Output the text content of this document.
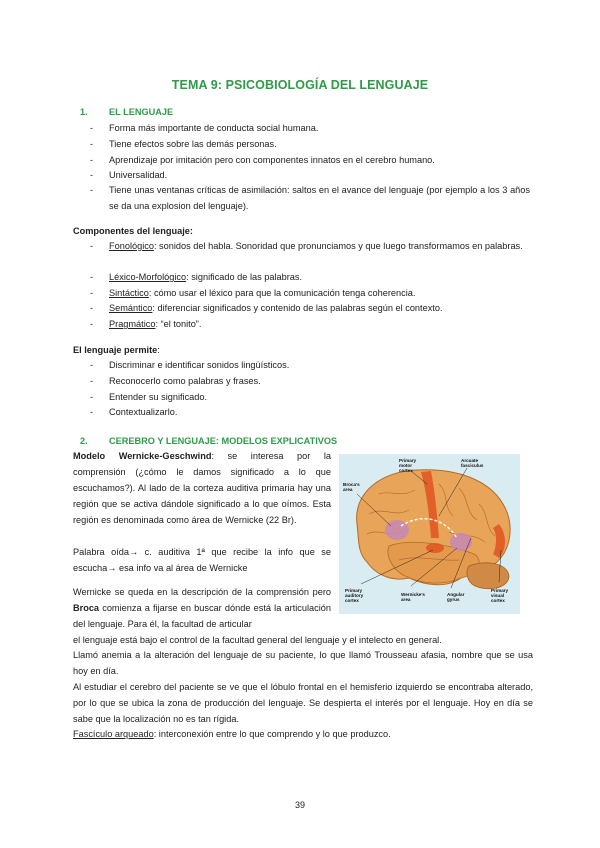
TEMA 9: PSICOBIOLOGÍA DEL LENGUAJE
1. EL LENGUAJE
- Forma más importante de conducta social humana.
- Tiene efectos sobre las demás personas.
- Aprendizaje por imitación pero con componentes innatos en el cerebro humano.
- Universalidad.
- Tiene unas ventanas críticas de asimilación: saltos en el avance del lenguaje (por ejemplo a los 3 años se da una explosion del lenguaje).
Componentes del lenguaje:
- Fonológico: sonidos del habla. Sonoridad que pronunciamos y que luego transformamos en palabras.
- Léxico-Morfológico: significado de las palabras.
- Sintáctico: cómo usar el léxico para que la comunicación tenga coherencia.
- Semántico: diferenciar significados y contenido de las palabras según el contexto.
- Pragmático: “el tonito”.
El lenguaje permite:
- Discriminar e identificar sonidos lingüísticos.
- Reconocerlo como palabras y frases.
- Entender su significado.
- Contextualizarlo.
2. CEREBRO Y LENGUAJE: MODELOS EXPLICATIVOS
Modelo Wernicke-Geschwind: se interesa por la comprensión (¿cómo le damos significado a lo que escuchamos?). Al lado de la corteza auditiva primaria hay una región que se activa dándole significado a lo que oímos. Esta región es denominada como área de Wernicke (22 Br).
Palabra oída→ c. auditiva 1ª que recibe la info que se escucha→ esa info va al área de Wernicke
Wernicke se queda en la descripción de la comprensión pero Broca comienza a fijarse en buscar dónde está la articulación del lenguaje. Para él, la facultad de articular
el lenguaje está bajo el control de la facultad general del lenguaje y el intelecto en general.
Llamó anemia a la alteración del lenguaje de su paciente, lo que llamó Trousseau afasia, nombre que se usa hoy en día.
Al estudiar el cerebro del paciente se ve que el lóbulo frontal en el hemisferio izquierdo se encontraba alterado, por lo que se ubica la zona de producción del lenguaje. Se despierta el interés por el lenguaje. Hoy en día se sabe que la localización no es tan rígida.
Fascículo arqueado: interconexión entre lo que comprendo y lo que produzco.
Primary motor cortex
Arcuate fasciculus
Broca's area
Primary auditory cortex
Wernicke's area
Angular gyrus
Primary visual cortex
39
